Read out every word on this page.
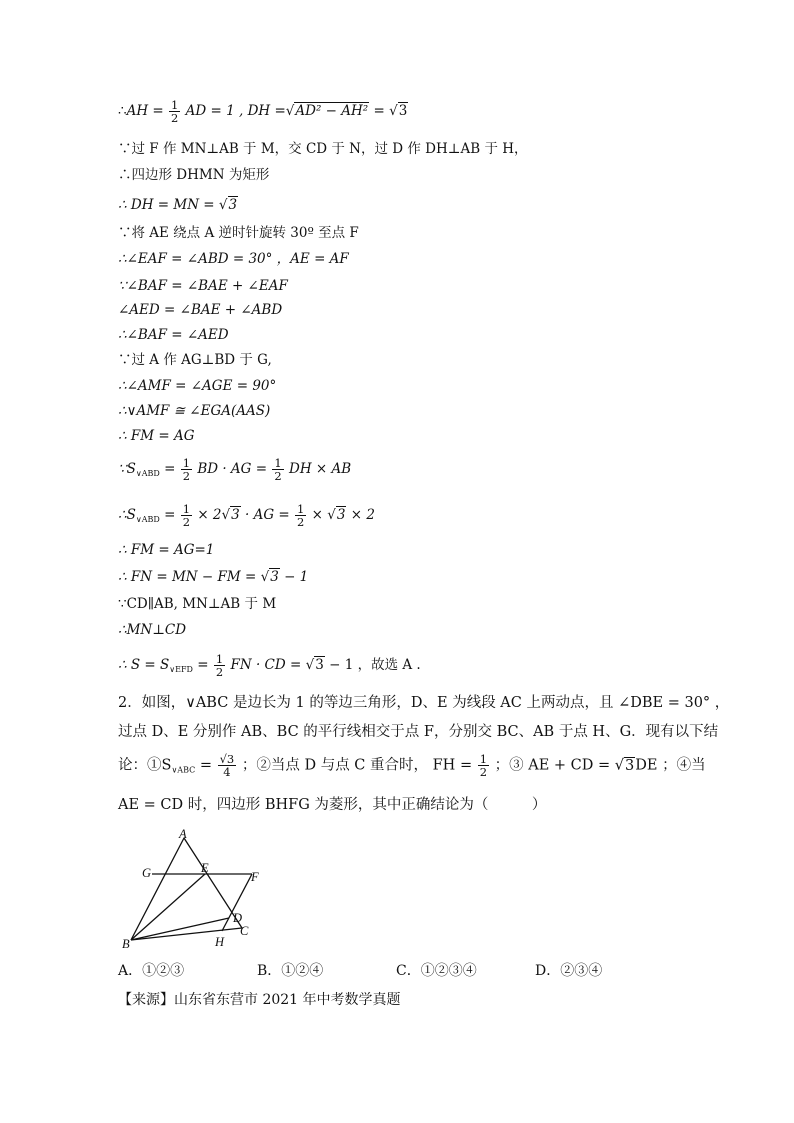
∴AH = $\frac{1}{2}$ AD = 1 , DH =√AD² − AH² = √3
∵过 F 作 MN⊥AB 于 M，交 CD 于 N，过 D 作 DH⊥AB 于 H，
∴四边形 DHMN 为矩形
∴ DH = MN = √3
∵将 AE 绕点 A 逆时针旋转 30º 至点 F
∴∠EAF = ∠ABD = 30° ，AE = AF
∵∠BAF = ∠BAE + ∠EAF
∠AED = ∠BAE + ∠ABD
∴∠BAF = ∠AED
∵过 A 作 AG⊥BD 于 G,
∴∠AMF = ∠AGE = 90°
∴∨AMF ≅ ∠EGA(AAS)
∴ FM = AG
$\because S_{\vee ABD} = \frac{1}{2}$ BD · AG = $\frac{1}{2}$ DH × AB
$\therefore S_{\vee ABD} = \frac{1}{2} \times 2√3$ · AG = $\frac{1}{2} \times √3 \times 2$
∴ FM = AG=1
∴ FN = MN − FM = √3 − 1
∵CD∥AB, MN⊥AB 于 M
∴MN⊥CD
∴ $S = S_{\vee EFD} = \frac{1}{2}$ FN · CD = √3 − 1 ，故选 A .
2．如图，∨ABC 是边长为 1 的等边三角形，D、E 为线段 AC 上两动点，且 ∠DBE = 30° ，
过点 D、E 分别作 AB、BC 的平行线相交于点 F，分别交 BC、AB 于点 H、G．现有以下结
论：$①S_{\vee ABC} = \frac{√3}{4}$ ；②当点 D 与点 C 重合时， FH = $\frac{1}{2}$ ；③ AE + CD = √3DE ；④当
AE = CD 时，四边形 BHFG 为菱形，其中正确结论为（　　　）
A
G	E
F
D
C
B	H
A．①②③	B．①②④	C．①②③④	D．②③④
【来源】山东省东营市 2021 年中考数学真题
